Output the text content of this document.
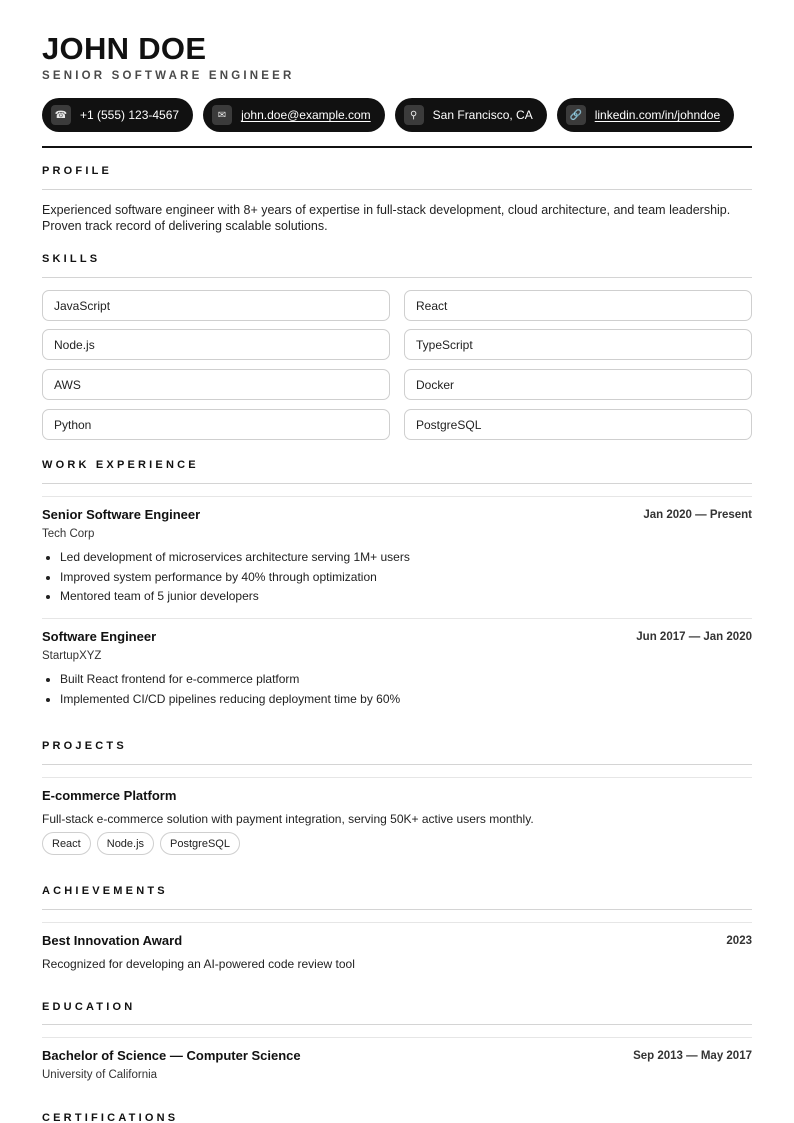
JOHN DOE
SENIOR SOFTWARE ENGINEER
☎	+1 (555) 123-4567	✉	john.doe@example.com	⚲	San Francisco, CA	🔗	linkedin.com/in/johndoe
PROFILE
Experienced software engineer with 8+ years of expertise in full-stack development, cloud architecture, and team leadership. Proven track record of delivering scalable solutions.
SKILLS
JavaScript	React
Node.js	TypeScript
AWS	Docker
Python	PostgreSQL
WORK EXPERIENCE
Senior Software Engineer	Jan 2020 — Present
Tech Corp
• Led development of microservices architecture serving 1M+ users
• Improved system performance by 40% through optimization
• Mentored team of 5 junior developers
Software Engineer	Jun 2017 — Jan 2020
StartupXYZ
• Built React frontend for e-commerce platform
• Implemented CI/CD pipelines reducing deployment time by 60%
PROJECTS
E-commerce Platform
Full-stack e-commerce solution with payment integration, serving 50K+ active users monthly.
React	Node.js	PostgreSQL
ACHIEVEMENTS
Best Innovation Award	2023
Recognized for developing an AI-powered code review tool
EDUCATION
Bachelor of Science — Computer Science	Sep 2013 — May 2017
University of California
CERTIFICATIONS
